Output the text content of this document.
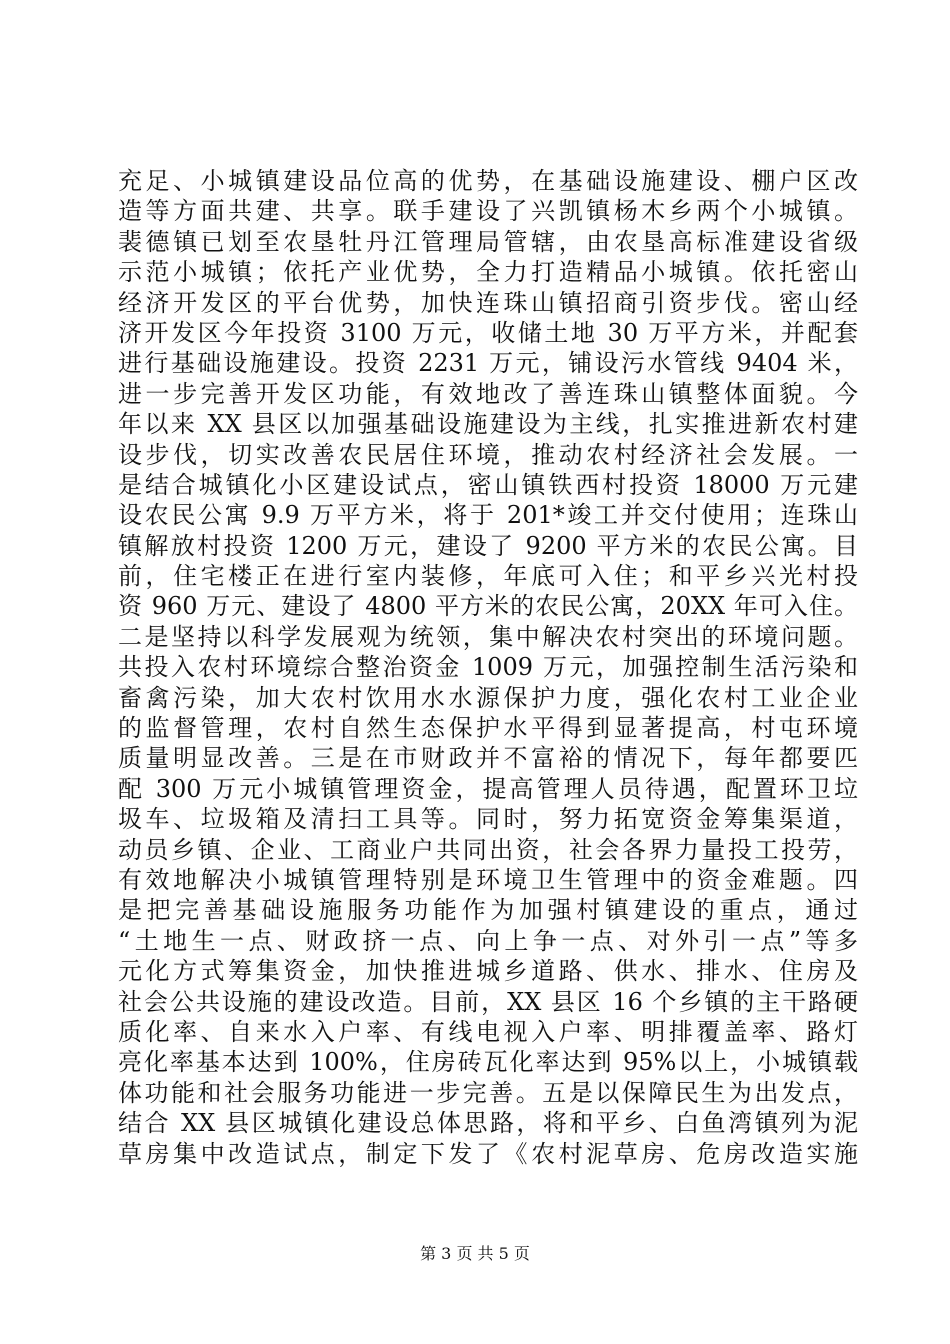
充足、小城镇建设品位高的优势，在基础设施建设、棚户区改
造等方面共建、共享。联手建设了兴凯镇杨木乡两个小城镇。
裴德镇已划至农垦牡丹江管理局管辖，由农垦高标准建设省级
示范小城镇；依托产业优势，全力打造精品小城镇。依托密山
经济开发区的平台优势，加快连珠山镇招商引资步伐。密山经
济开发区今年投资 3100 万元，收储土地 30 万平方米，并配套
进行基础设施建设。投资 2231 万元，铺设污水管线 9404 米，
进一步完善开发区功能，有效地改了善连珠山镇整体面貌。今
年以来 XX 县区以加强基础设施建设为主线，扎实推进新农村建
设步伐，切实改善农民居住环境，推动农村经济社会发展。一
是结合城镇化小区建设试点，密山镇铁西村投资 18000 万元建
设农民公寓 9.9 万平方米，将于 201*竣工并交付使用；连珠山
镇解放村投资 1200 万元，建设了 9200 平方米的农民公寓。目
前，住宅楼正在进行室内装修，年底可入住；和平乡兴光村投
资 960 万元、建设了 4800 平方米的农民公寓，20XX 年可入住。
二是坚持以科学发展观为统领，集中解决农村突出的环境问题。
共投入农村环境综合整治资金 1009 万元，加强控制生活污染和
畜禽污染，加大农村饮用水水源保护力度，强化农村工业企业
的监督管理，农村自然生态保护水平得到显著提高，村屯环境
质量明显改善。三是在市财政并不富裕的情况下，每年都要匹
配 300 万元小城镇管理资金，提高管理人员待遇，配置环卫垃
圾车、垃圾箱及清扫工具等。同时，努力拓宽资金筹集渠道，
动员乡镇、企业、工商业户共同出资，社会各界力量投工投劳，
有效地解决小城镇管理特别是环境卫生管理中的资金难题。四
是把完善基础设施服务功能作为加强村镇建设的重点，通过
“土地生一点、财政挤一点、向上争一点、对外引一点”等多
元化方式筹集资金，加快推进城乡道路、供水、排水、住房及
社会公共设施的建设改造。目前，XX 县区 16 个乡镇的主干路硬
质化率、自来水入户率、有线电视入户率、明排覆盖率、路灯
亮化率基本达到 100%，住房砖瓦化率达到 95%以上，小城镇载
体功能和社会服务功能进一步完善。五是以保障民生为出发点，
结合 XX 县区城镇化建设总体思路，将和平乡、白鱼湾镇列为泥
草房集中改造试点，制定下发了《农村泥草房、危房改造实施
第 3 页 共 5 页
